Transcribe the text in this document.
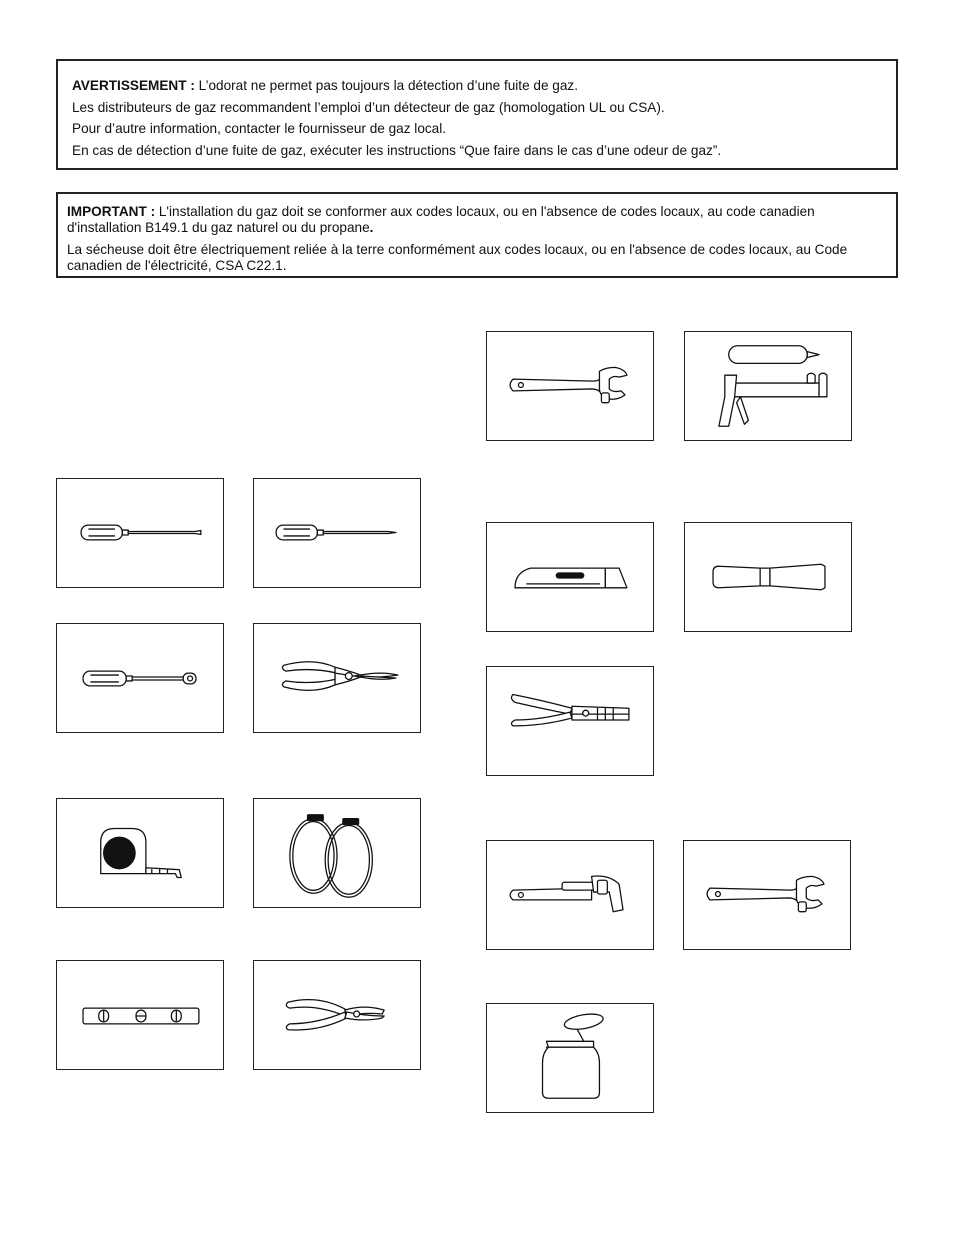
AVERTISSEMENT : L’odorat ne permet pas toujours la détection d’une fuite de gaz.

Les distributeurs de gaz recommandent l’emploi d’un détecteur de gaz (homologation UL ou CSA).

Pour d’autre information, contacter le fournisseur de gaz local.

En cas de détection d’une fuite de gaz, exécuter les instructions “Que faire dans le cas d’une odeur de gaz”.

IMPORTANT : L'installation du gaz doit se conformer aux codes locaux, ou en l'absence de codes locaux, au code canadien d'installation B149.1 du gaz naturel ou du propane.

La sécheuse doit être électriquement reliée à la terre conformément aux codes locaux, ou en l'absence de codes locaux, au Code canadien de l'électricité, CSA C22.1.
